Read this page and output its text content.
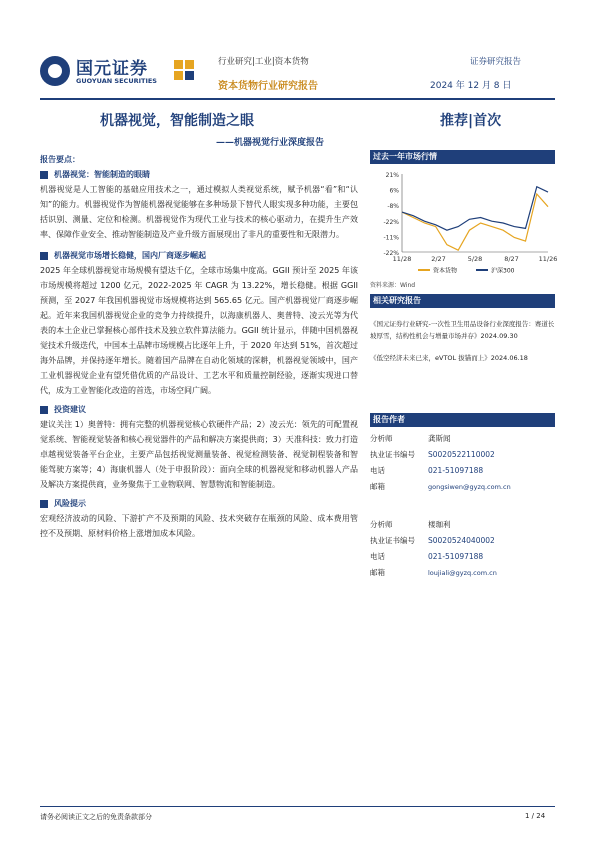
国元证券
GUOYUAN SECURITIES
行业研究|工业|资本货物
资本货物行业研究报告
证券研究报告
2024 年 12 月 8 日
机器视觉，智能制造之眼
——机器视觉行业深度报告
推荐|首次
报告要点：
机器视觉：智能制造的眼睛
机器视觉是人工智能的基础应用技术之一，通过模拟人类视觉系统，赋予机器“看”和“认知”的能力。机器视觉作为智能机器视觉能够在多种场景下替代人眼实现多种功能，主要包括识别、测量、定位和检测。机器视觉作为现代工业与技术的核心驱动力，在提升生产效率、保障作业安全、推动智能制造及产业升级方面展现出了非凡的重要性和无限潜力。
机器视觉市场增长稳健，国内厂商逐步崛起
2025 年全球机器视觉市场规模有望达千亿，全球市场集中度高。GGII 预计至 2025 年该市场规模将超过 1200 亿元，2022-2025 年 CAGR 为 13.22%，增长稳健。根据 GGII 预测，至 2027 年我国机器视觉市场规模将达到 565.65 亿元。国产机器视觉厂商逐步崛起。近年来我国机器视觉企业的竞争力持续提升，以海康机器人、奥普特、凌云光等为代表的本土企业已掌握核心部件技术及独立软件算法能力。GGII 统计显示，伴随中国机器视觉技术升级迭代，中国本土品牌市场规模占比逐年上升，于 2020 年达到 51%，首次超过海外品牌，并保持逐年增长。随着国产品牌在自动化领域的深耕，机器视觉领域中，国产工业机器视觉企业有望凭借优质的产品设计、工艺水平和质量控制经验，逐渐实现进口替代，成为工业智能化改造的首选，市场空间广阔。
投资建议
建议关注 1）奥普特：拥有完整的机器视觉核心软硬件产品；2）凌云光：领先的可配置视觉系统、智能视觉装备和核心视觉器件的产品和解决方案提供商；3）天准科技：致力打造卓越视觉装备平台企业，主要产品包括视觉测量装备、视觉检测装备、视觉制程装备和智能驾驶方案等；4）海康机器人（处于申报阶段）：面向全球的机器视觉和移动机器人产品及解决方案提供商，业务聚焦于工业物联网、智慧物流和智能制造。
风险提示
宏观经济波动的风险、下游扩产不及预期的风险、技术突破存在瓶颈的风险、成本费用管控不及预期、原材料价格上涨增加成本风险。
过去一年市场行情
21%
6%
-8%
-22%
-11%
-22%
11/28	2/27	5/28	8/27	11/26
资本货物	沪深300
资料来源：Wind
相关研究报告
《国元证券行业研究-一次性卫生用品设备行业深度报告：赛道长坡厚雪，结构性机会与增量市场并存》2024.09.30
《低空经济未来已来，eVTOL 拔锚而上》2024.06.18
报告作者
分析师	龚斯闻
执业证书编号	S0020522110002
电话	021-51097188
邮箱	gongsiwen@gyzq.com.cn
分析师	楼珈利
执业证书编号	S0020524040002
电话	021-51097188
邮箱	loujiali@gyzq.com.cn
请务必阅读正文之后的免责条款部分	1 / 24
